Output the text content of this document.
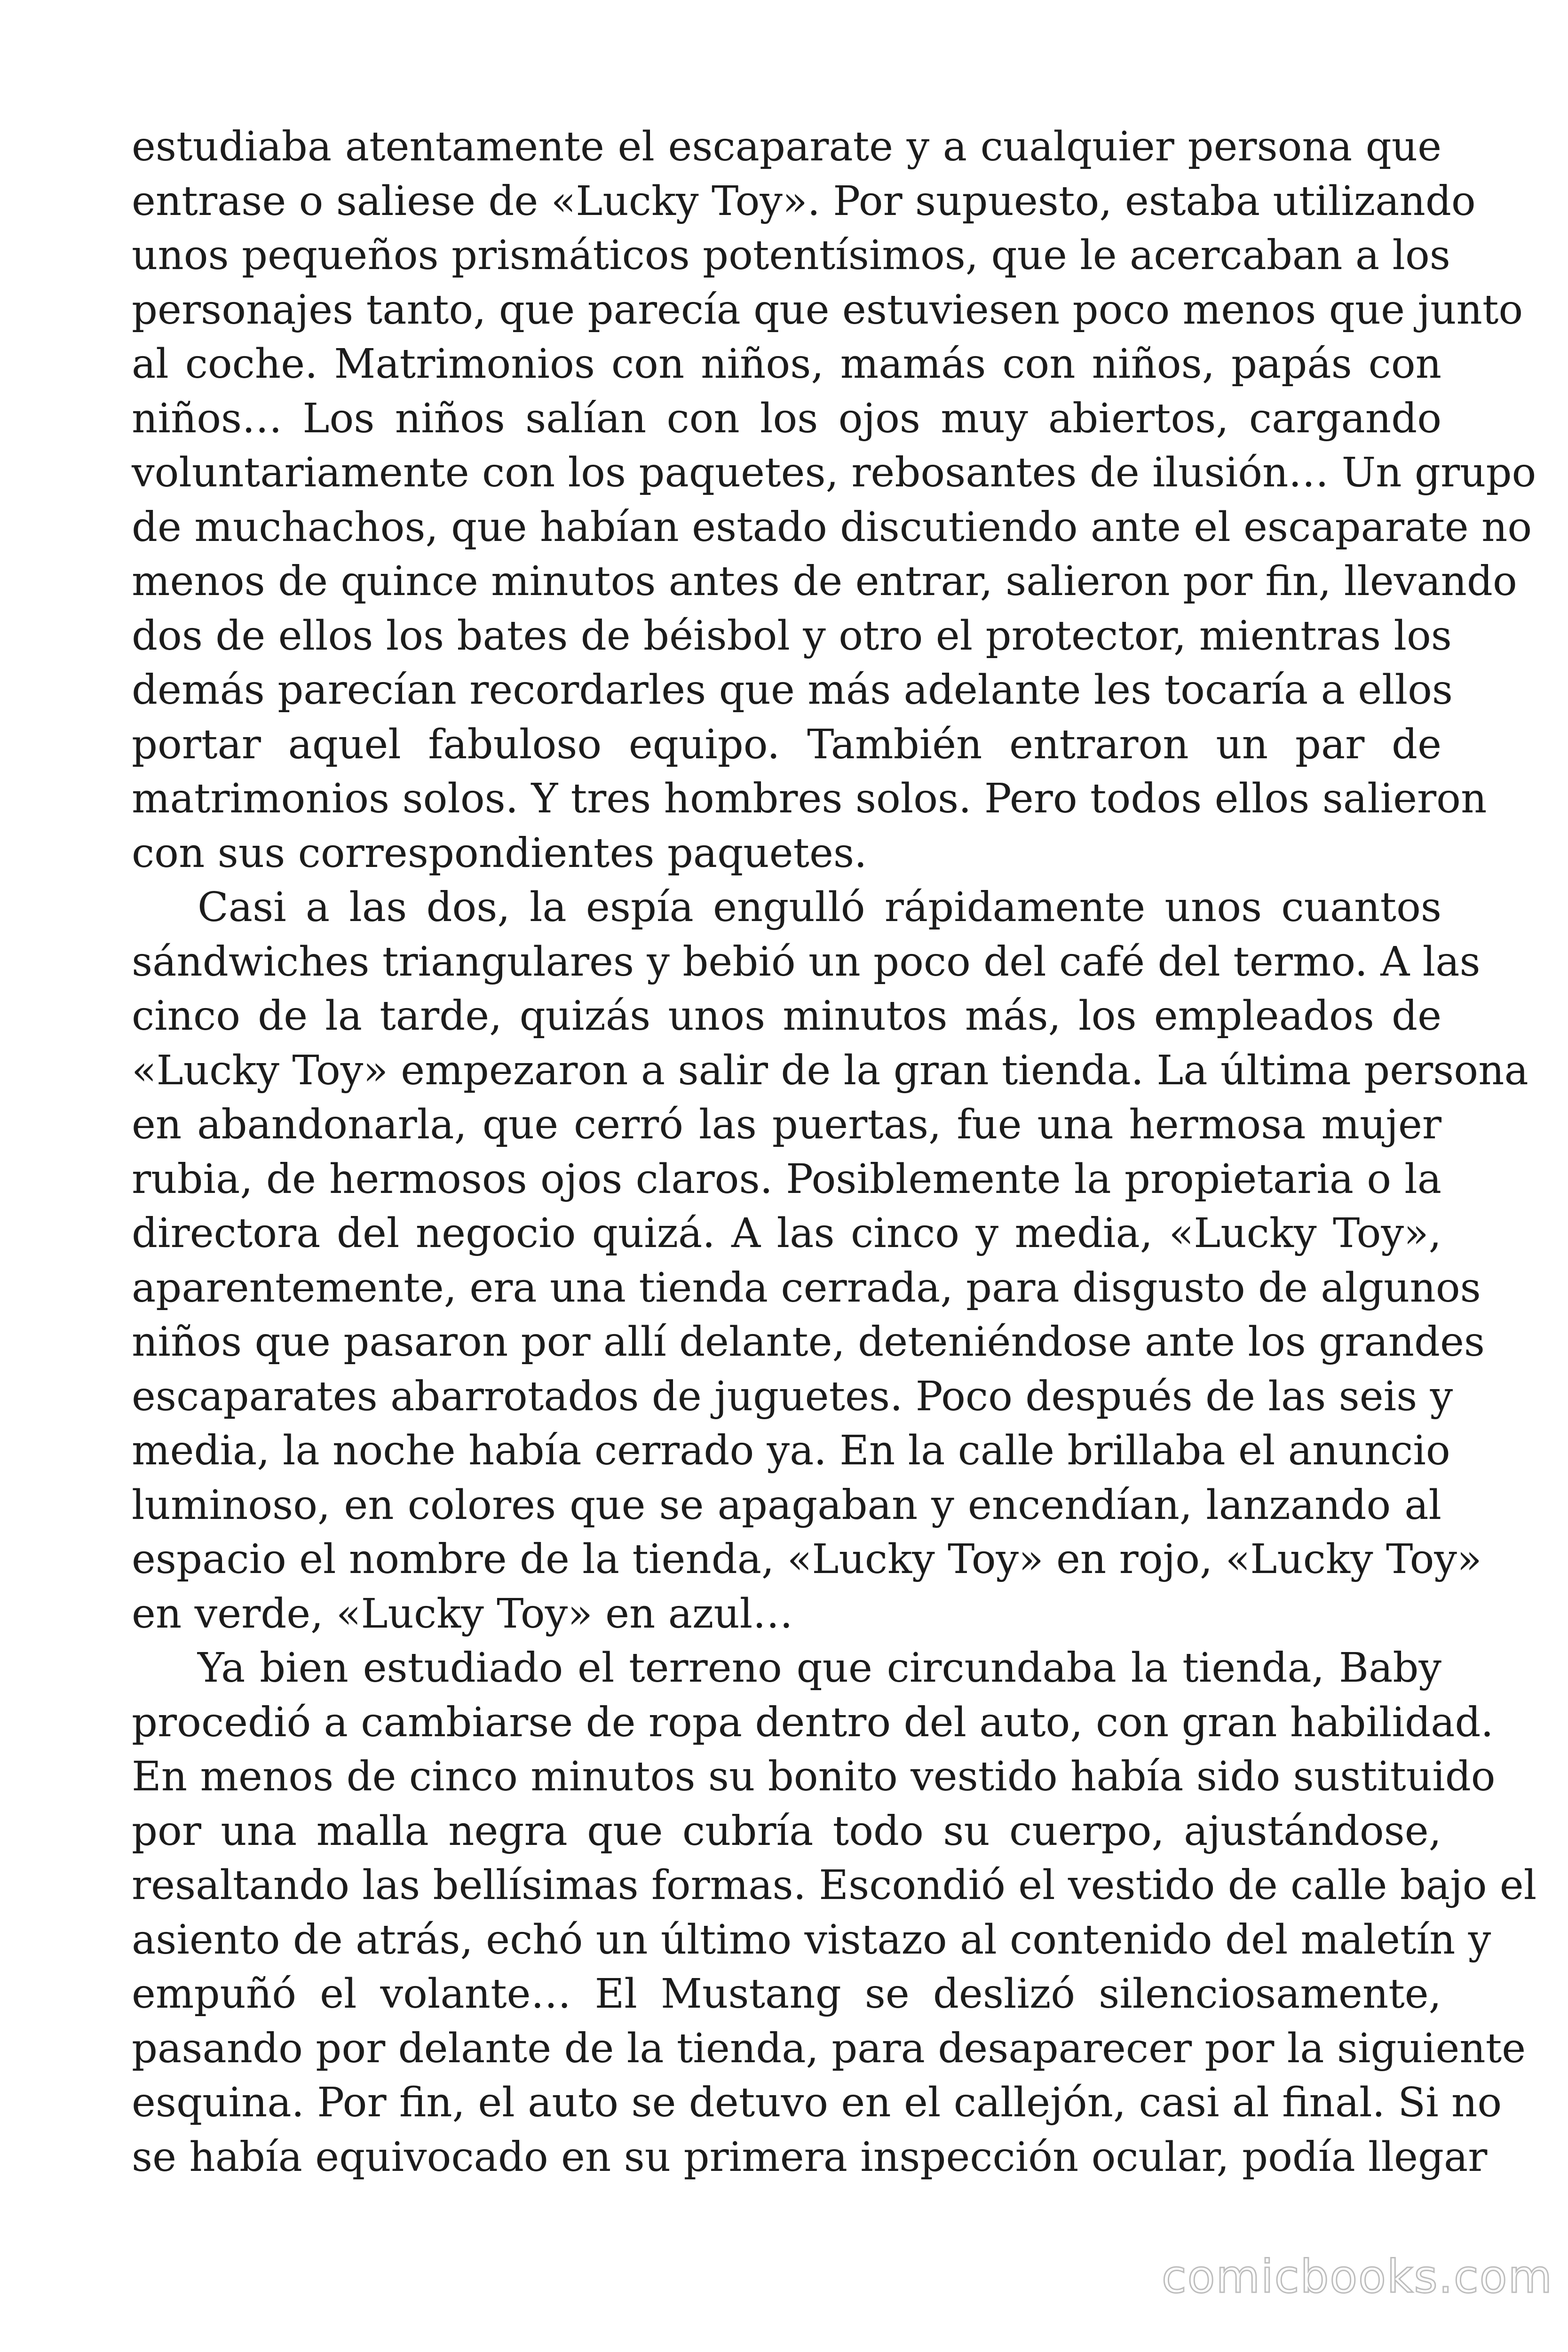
estudiaba atentamente el escaparate y a cualquier persona que
entrase o saliese de «Lucky Toy». Por supuesto, estaba utilizando
unos pequeños prismáticos potentísimos, que le acercaban a los
personajes tanto, que parecía que estuviesen poco menos que junto
al coche. Matrimonios con niños, mamás con niños, papás con
niños… Los niños salían con los ojos muy abiertos, cargando
voluntariamente con los paquetes, rebosantes de ilusión… Un grupo
de muchachos, que habían estado discutiendo ante el escaparate no
menos de quince minutos antes de entrar, salieron por fin, llevando
dos de ellos los bates de béisbol y otro el protector, mientras los
demás parecían recordarles que más adelante les tocaría a ellos
portar aquel fabuloso equipo. También entraron un par de
matrimonios solos. Y tres hombres solos. Pero todos ellos salieron
con sus correspondientes paquetes.
Casi a las dos, la espía engulló rápidamente unos cuantos
sándwiches triangulares y bebió un poco del café del termo. A las
cinco de la tarde, quizás unos minutos más, los empleados de
«Lucky Toy» empezaron a salir de la gran tienda. La última persona
en abandonarla, que cerró las puertas, fue una hermosa mujer
rubia, de hermosos ojos claros. Posiblemente la propietaria o la
directora del negocio quizá. A las cinco y media, «Lucky Toy»,
aparentemente, era una tienda cerrada, para disgusto de algunos
niños que pasaron por allí delante, deteniéndose ante los grandes
escaparates abarrotados de juguetes. Poco después de las seis y
media, la noche había cerrado ya. En la calle brillaba el anuncio
luminoso, en colores que se apagaban y encendían, lanzando al
espacio el nombre de la tienda, «Lucky Toy» en rojo, «Lucky Toy»
en verde, «Lucky Toy» en azul…
Ya bien estudiado el terreno que circundaba la tienda, Baby
procedió a cambiarse de ropa dentro del auto, con gran habilidad.
En menos de cinco minutos su bonito vestido había sido sustituido
por una malla negra que cubría todo su cuerpo, ajustándose,
resaltando las bellísimas formas. Escondió el vestido de calle bajo el
asiento de atrás, echó un último vistazo al contenido del maletín y
empuñó el volante… El Mustang se deslizó silenciosamente,
pasando por delante de la tienda, para desaparecer por la siguiente
esquina. Por fin, el auto se detuvo en el callejón, casi al final. Si no
se había equivocado en su primera inspección ocular, podía llegar
comicbooks.com
